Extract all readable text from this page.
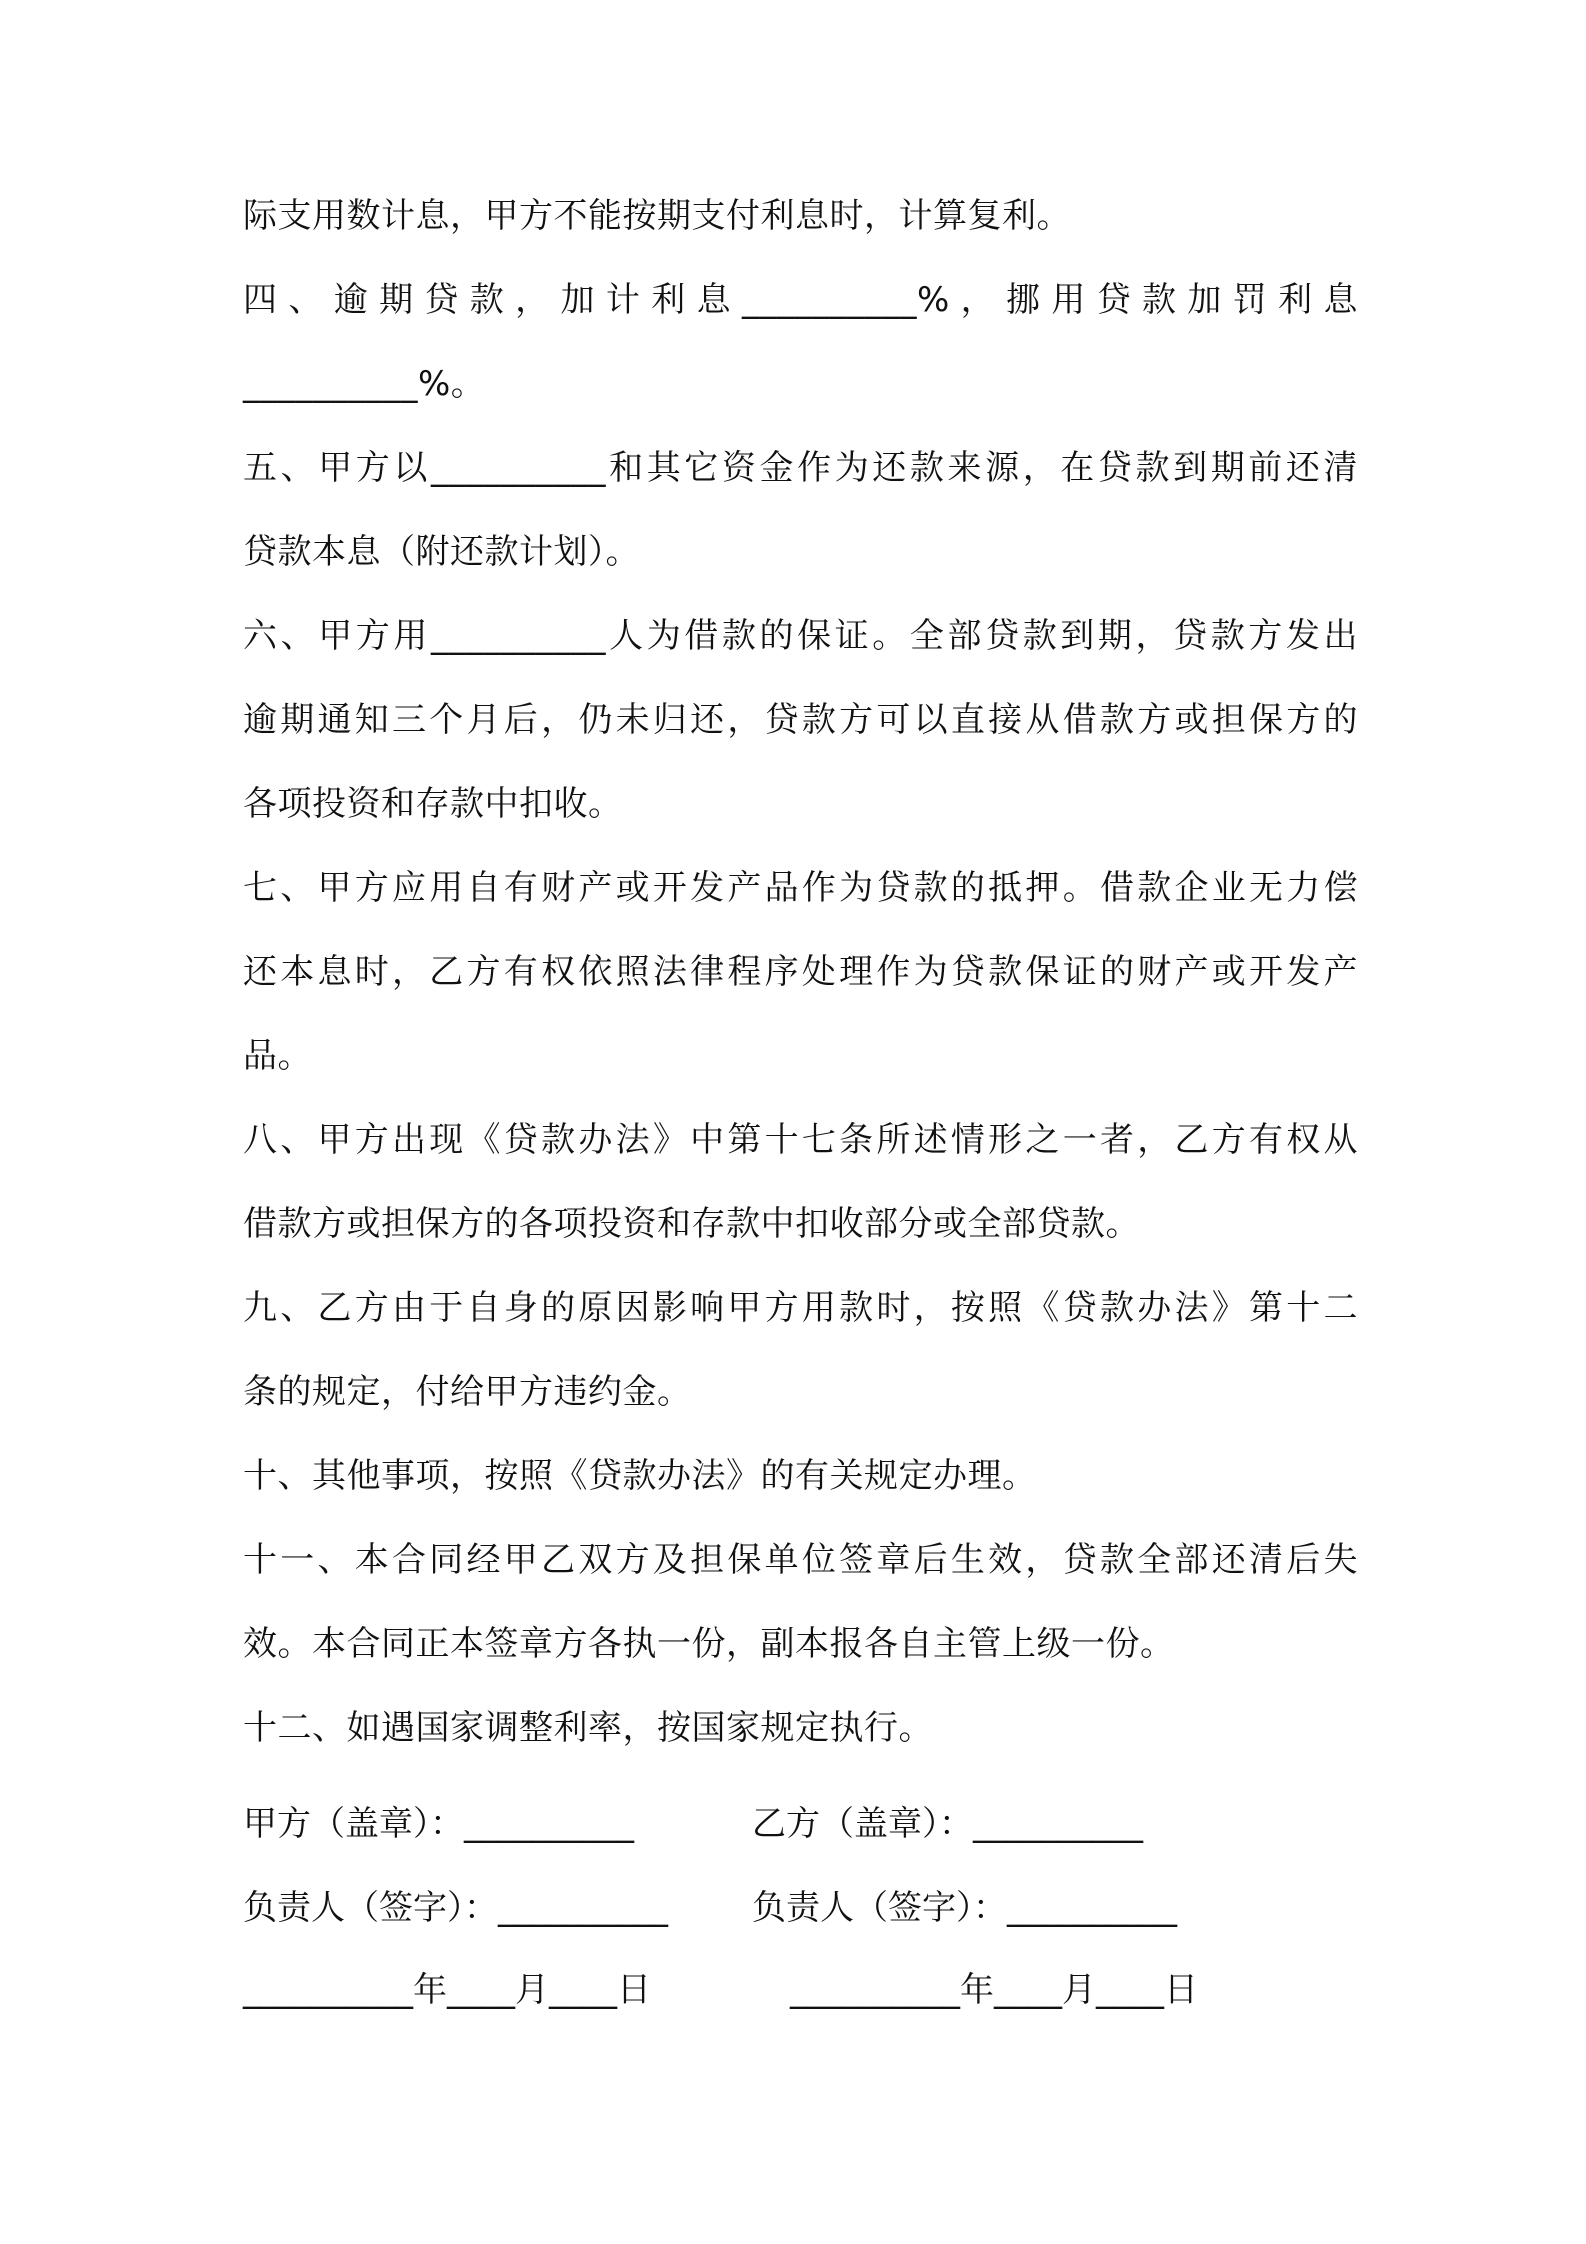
际支用数计息，甲方不能按期支付利息时，计算复利。
四、逾期贷款，加计利息__________%，挪用贷款加罚利息
__________%。
五、甲方以__________和其它资金作为还款来源，在贷款到期前还清
贷款本息（附还款计划）。
六、甲方用__________人为借款的保证。全部贷款到期，贷款方发出
逾期通知三个月后，仍未归还，贷款方可以直接从借款方或担保方的
各项投资和存款中扣收。
七、甲方应用自有财产或开发产品作为贷款的抵押。借款企业无力偿
还本息时，乙方有权依照法律程序处理作为贷款保证的财产或开发产
品。
八、甲方出现《贷款办法》中第十七条所述情形之一者，乙方有权从
借款方或担保方的各项投资和存款中扣收部分或全部贷款。
九、乙方由于自身的原因影响甲方用款时，按照《贷款办法》第十二
条的规定，付给甲方违约金。
十、其他事项，按照《贷款办法》的有关规定办理。
十一、本合同经甲乙双方及担保单位签章后生效，贷款全部还清后失
效。本合同正本签章方各执一份，副本报各自主管上级一份。
十二、如遇国家调整利率，按国家规定执行。
甲方（盖章）：__________	乙方（盖章）：__________
负责人（签字）：__________ 负责人（签字）：__________
__________年____月____日	__________年____月____日
